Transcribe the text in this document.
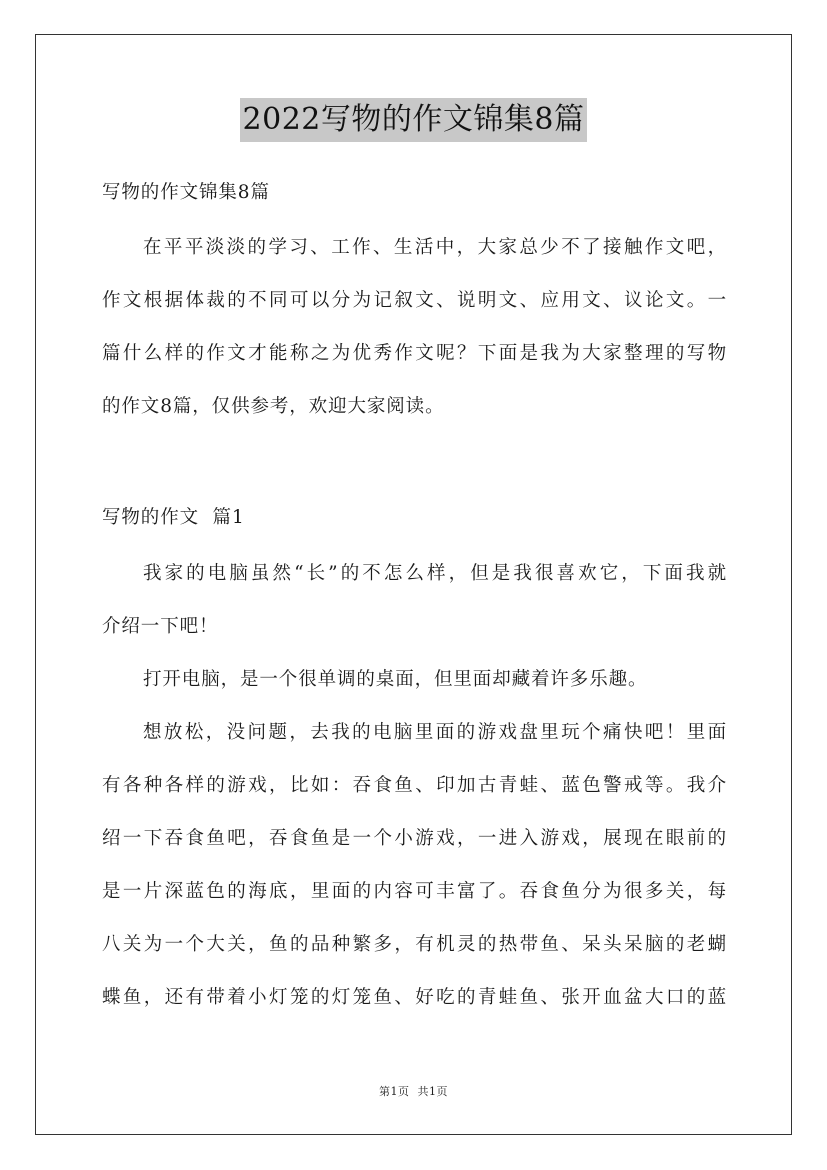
2022写物的作文锦集8篇
写物的作文锦集8篇
在平平淡淡的学习、工作、生活中，大家总少不了接触作文吧，
作文根据体裁的不同可以分为记叙文、说明文、应用文、议论文。一
篇什么样的作文才能称之为优秀作文呢？下面是我为大家整理的写物
的作文8篇，仅供参考，欢迎大家阅读。
写物的作文  篇1
我家的电脑虽然“长”的不怎么样，但是我很喜欢它，下面我就
介绍一下吧！
打开电脑，是一个很单调的桌面，但里面却藏着许多乐趣。
想放松，没问题，去我的电脑里面的游戏盘里玩个痛快吧！里面
有各种各样的游戏，比如：吞食鱼、印加古青蛙、蓝色警戒等。我介
绍一下吞食鱼吧，吞食鱼是一个小游戏，一进入游戏，展现在眼前的
是一片深蓝色的海底，里面的内容可丰富了。吞食鱼分为很多关，每
八关为一个大关，鱼的品种繁多，有机灵的热带鱼、呆头呆脑的老蝴
蝶鱼，还有带着小灯笼的灯笼鱼、好吃的青蛙鱼、张开血盆大口的蓝
第1页  共1页
